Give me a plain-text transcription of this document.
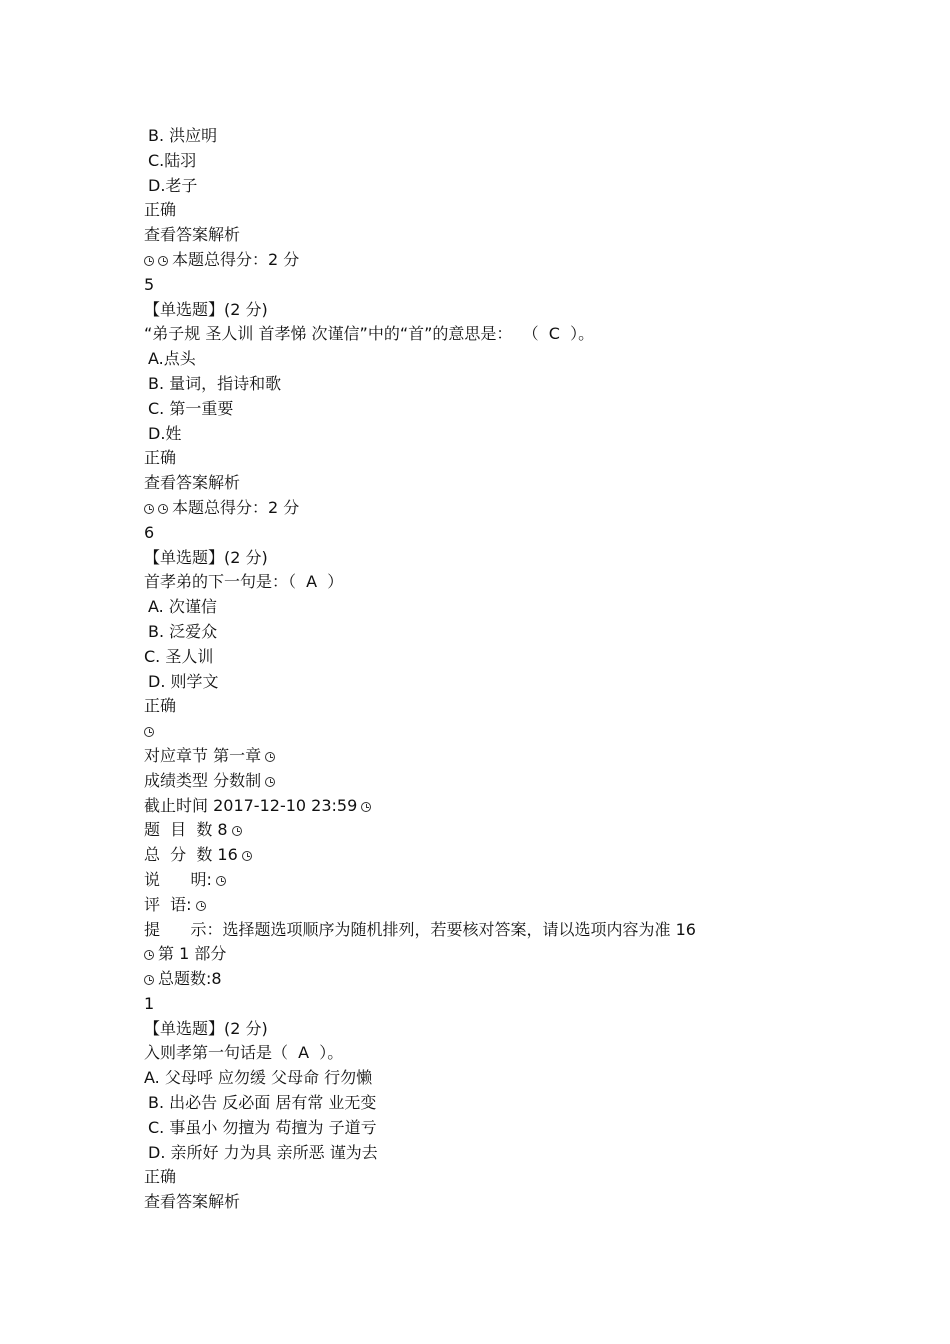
B. 洪应明
C.陆羽
D.老子
正确
查看答案解析
本题总得分：2 分
5
【单选题】(2 分)
“弟子规 圣人训 首孝悌 次谨信”中的“首”的意思是：  （  C  ）。
A.点头
B. 量词，指诗和歌
C. 第一重要
D.姓
正确
查看答案解析
本题总得分：2 分
6
【单选题】(2 分)
首孝弟的下一句是：（  A  ）
A. 次谨信
B. 泛爱众
C. 圣人训
D. 则学文
正确
对应章节 第一章
成绩类型 分数制
截止时间 2017-12-10 23:59
题  目  数 8
总  分  数 16
说      明:
评  语:
提      示：选择题选项顺序为随机排列，若要核对答案，请以选项内容为准 16
第 1 部分
总题数:8
1
【单选题】(2 分)
入则孝第一句话是（  A  ）。
A. 父母呼 应勿缓 父母命 行勿懒
B. 出必告 反必面 居有常 业无变
C. 事虽小 勿擅为 苟擅为 子道亏
D. 亲所好 力为具 亲所恶 谨为去
正确
查看答案解析
